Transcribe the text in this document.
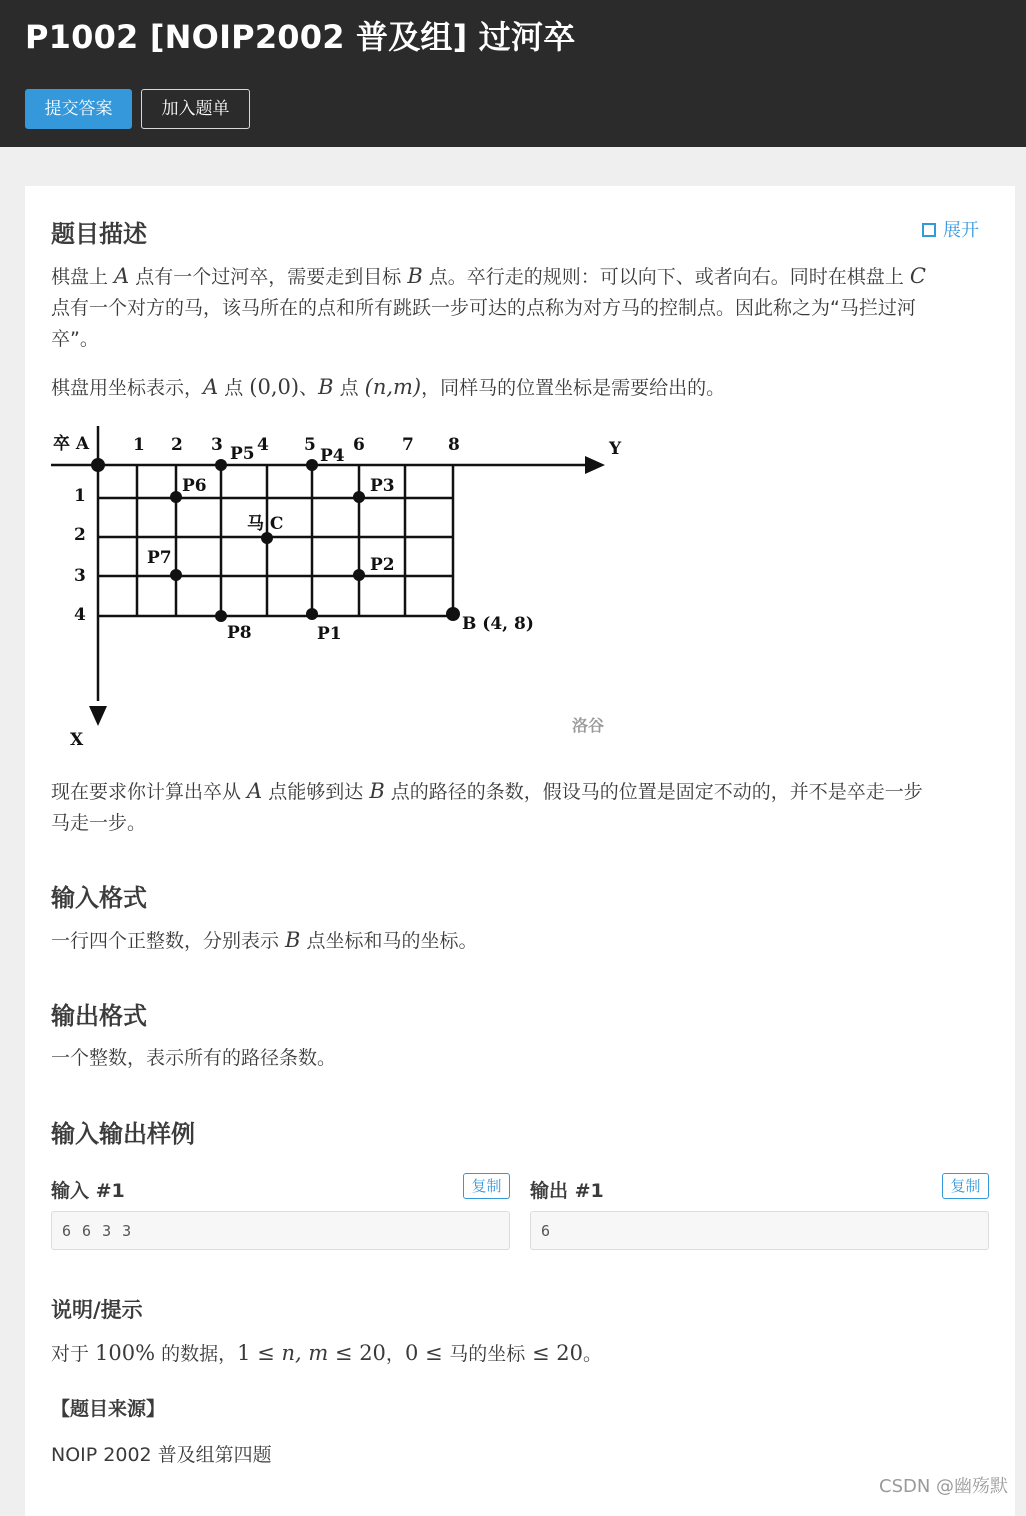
P1002 [NOIP2002 普及组] 过河卒
提交答案	加入题单
题目描述	展开
棋盘上 A 点有一个过河卒，需要走到目标 B 点。卒行走的规则：可以向下、或者向右。同时在棋盘上 C
点有一个对方的马，该马所在的点和所有跳跃一步可达的点称为对方马的控制点。因此称之为“马拦过河
卒”。
棋盘用坐标表示，A 点 (0,0)、B 点 (n,m)，同样马的位置坐标是需要给出的。
卒 A	Y
X
1 2 3 4 5 6 7 8
1
2
3
4
P5	P4
P6	P3
马 C
P7	P2
P8	P1	B (4, 8)
洛谷
现在要求你计算出卒从 A 点能够到达 B 点的路径的条数，假设马的位置是固定不动的，并不是卒走一步
马走一步。
输入格式
一行四个正整数，分别表示 B 点坐标和马的坐标。
输出格式
一个整数，表示所有的路径条数。
输入输出样例
输入 #1	复制
6 6 3 3
输出 #1	复制
6
说明/提示
对于 100% 的数据，1 ≤ n, m ≤ 20，0 ≤ 马的坐标 ≤ 20。
【题目来源】
NOIP 2002 普及组第四题
CSDN @幽殇默
